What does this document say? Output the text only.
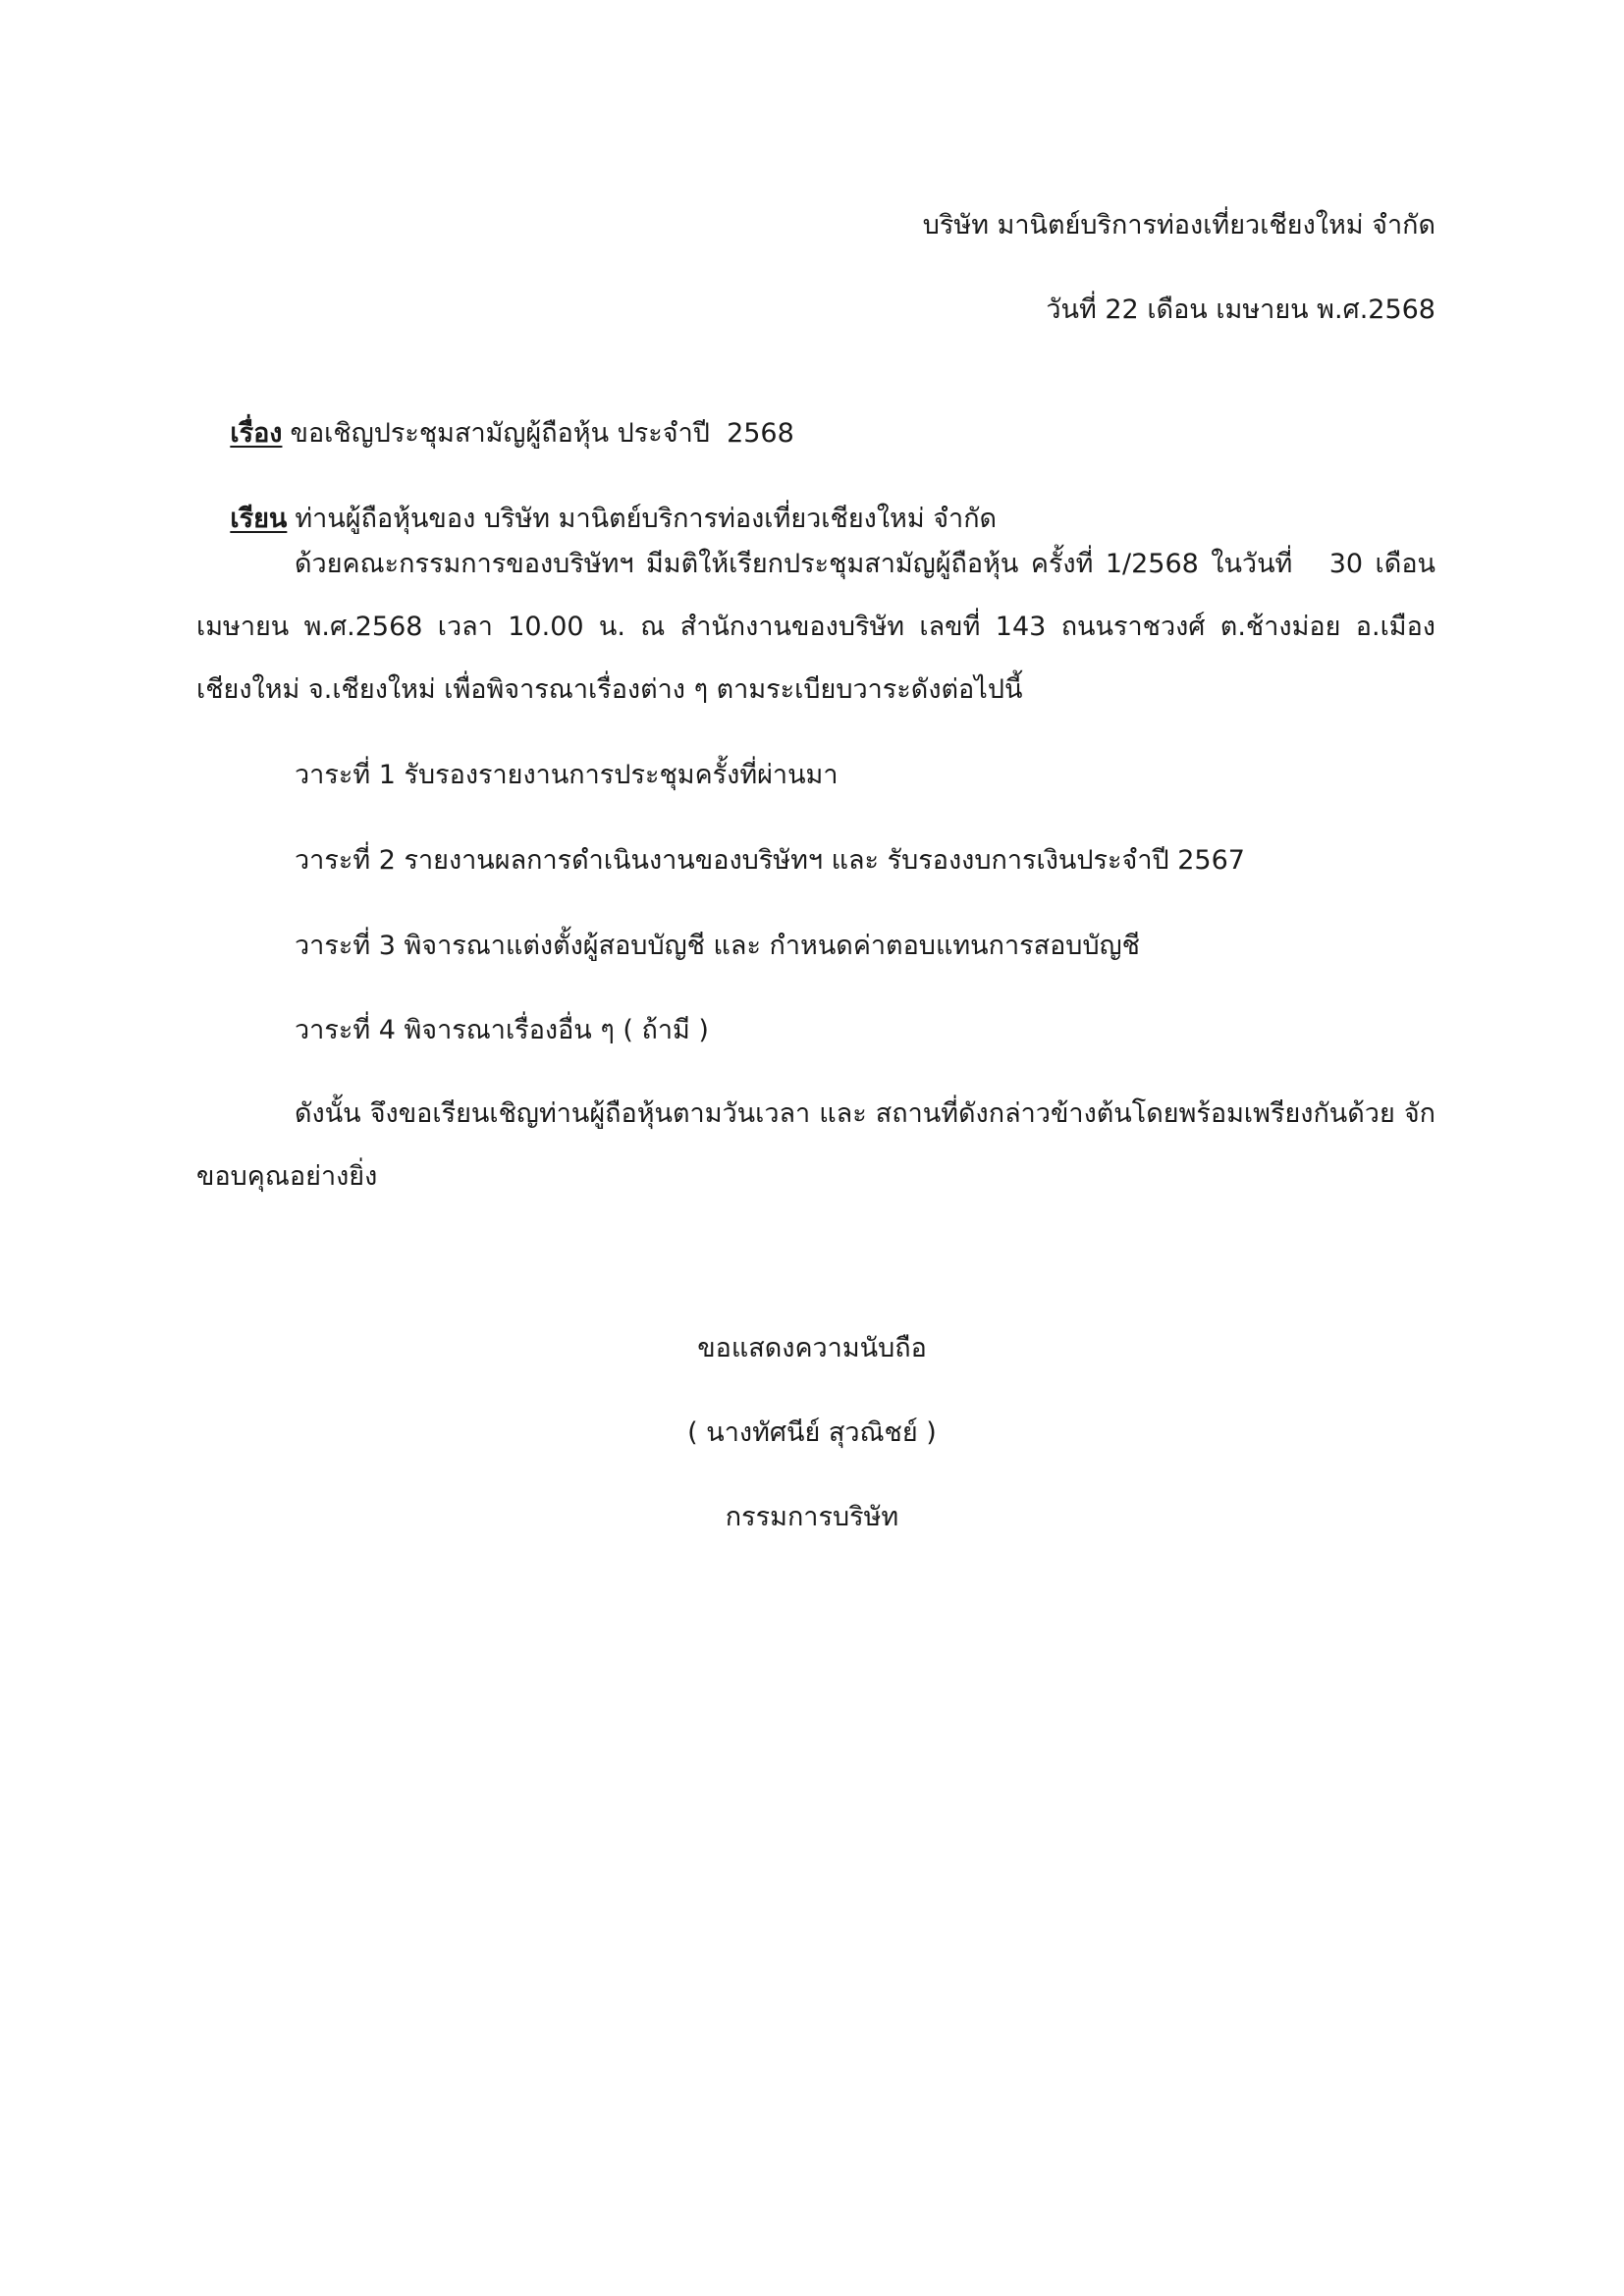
บริษัท มานิตย์บริการท่องเที่ยวเชียงใหม่ จำกัด
วันที่ 22 เดือน เมษายน พ.ศ.2568

เรื่อง ขอเชิญประชุมสามัญผู้ถือหุ้น ประจำปี  2568

เรียน ท่านผู้ถือหุ้นของ บริษัท มานิตย์บริการท่องเที่ยวเชียงใหม่ จำกัด

ด้วยคณะกรรมการของบริษัทฯ มีมติให้เรียกประชุมสามัญผู้ถือหุ้น ครั้งที่ 1/2568 ในวันที่   30 เดือน เมษายน พ.ศ.2568 เวลา 10.00 น. ณ สำนักงานของบริษัท เลขที่ 143 ถนนราชวงศ์ ต.ช้างม่อย อ.เมือง เชียงใหม่ จ.เชียงใหม่ เพื่อพิจารณาเรื่องต่าง ๆ ตามระเบียบวาระดังต่อไปนี้
วาระที่ 1 รับรองรายงานการประชุมครั้งที่ผ่านมา
วาระที่ 2 รายงานผลการดำเนินงานของบริษัทฯ และ รับรองงบการเงินประจำปี 2567
วาระที่ 3 พิจารณาแต่งตั้งผู้สอบบัญชี และ กำหนดค่าตอบแทนการสอบบัญชี
วาระที่ 4 พิจารณาเรื่องอื่น ๆ ( ถ้ามี )
ดังนั้น จึงขอเรียนเชิญท่านผู้ถือหุ้นตามวันเวลา และ สถานที่ดังกล่าวข้างต้นโดยพร้อมเพรียงกันด้วย จักขอบคุณอย่างยิ่ง
ขอแสดงความนับถือ
( นางทัศนีย์ สุวณิชย์ )
กรรมการบริษัท
